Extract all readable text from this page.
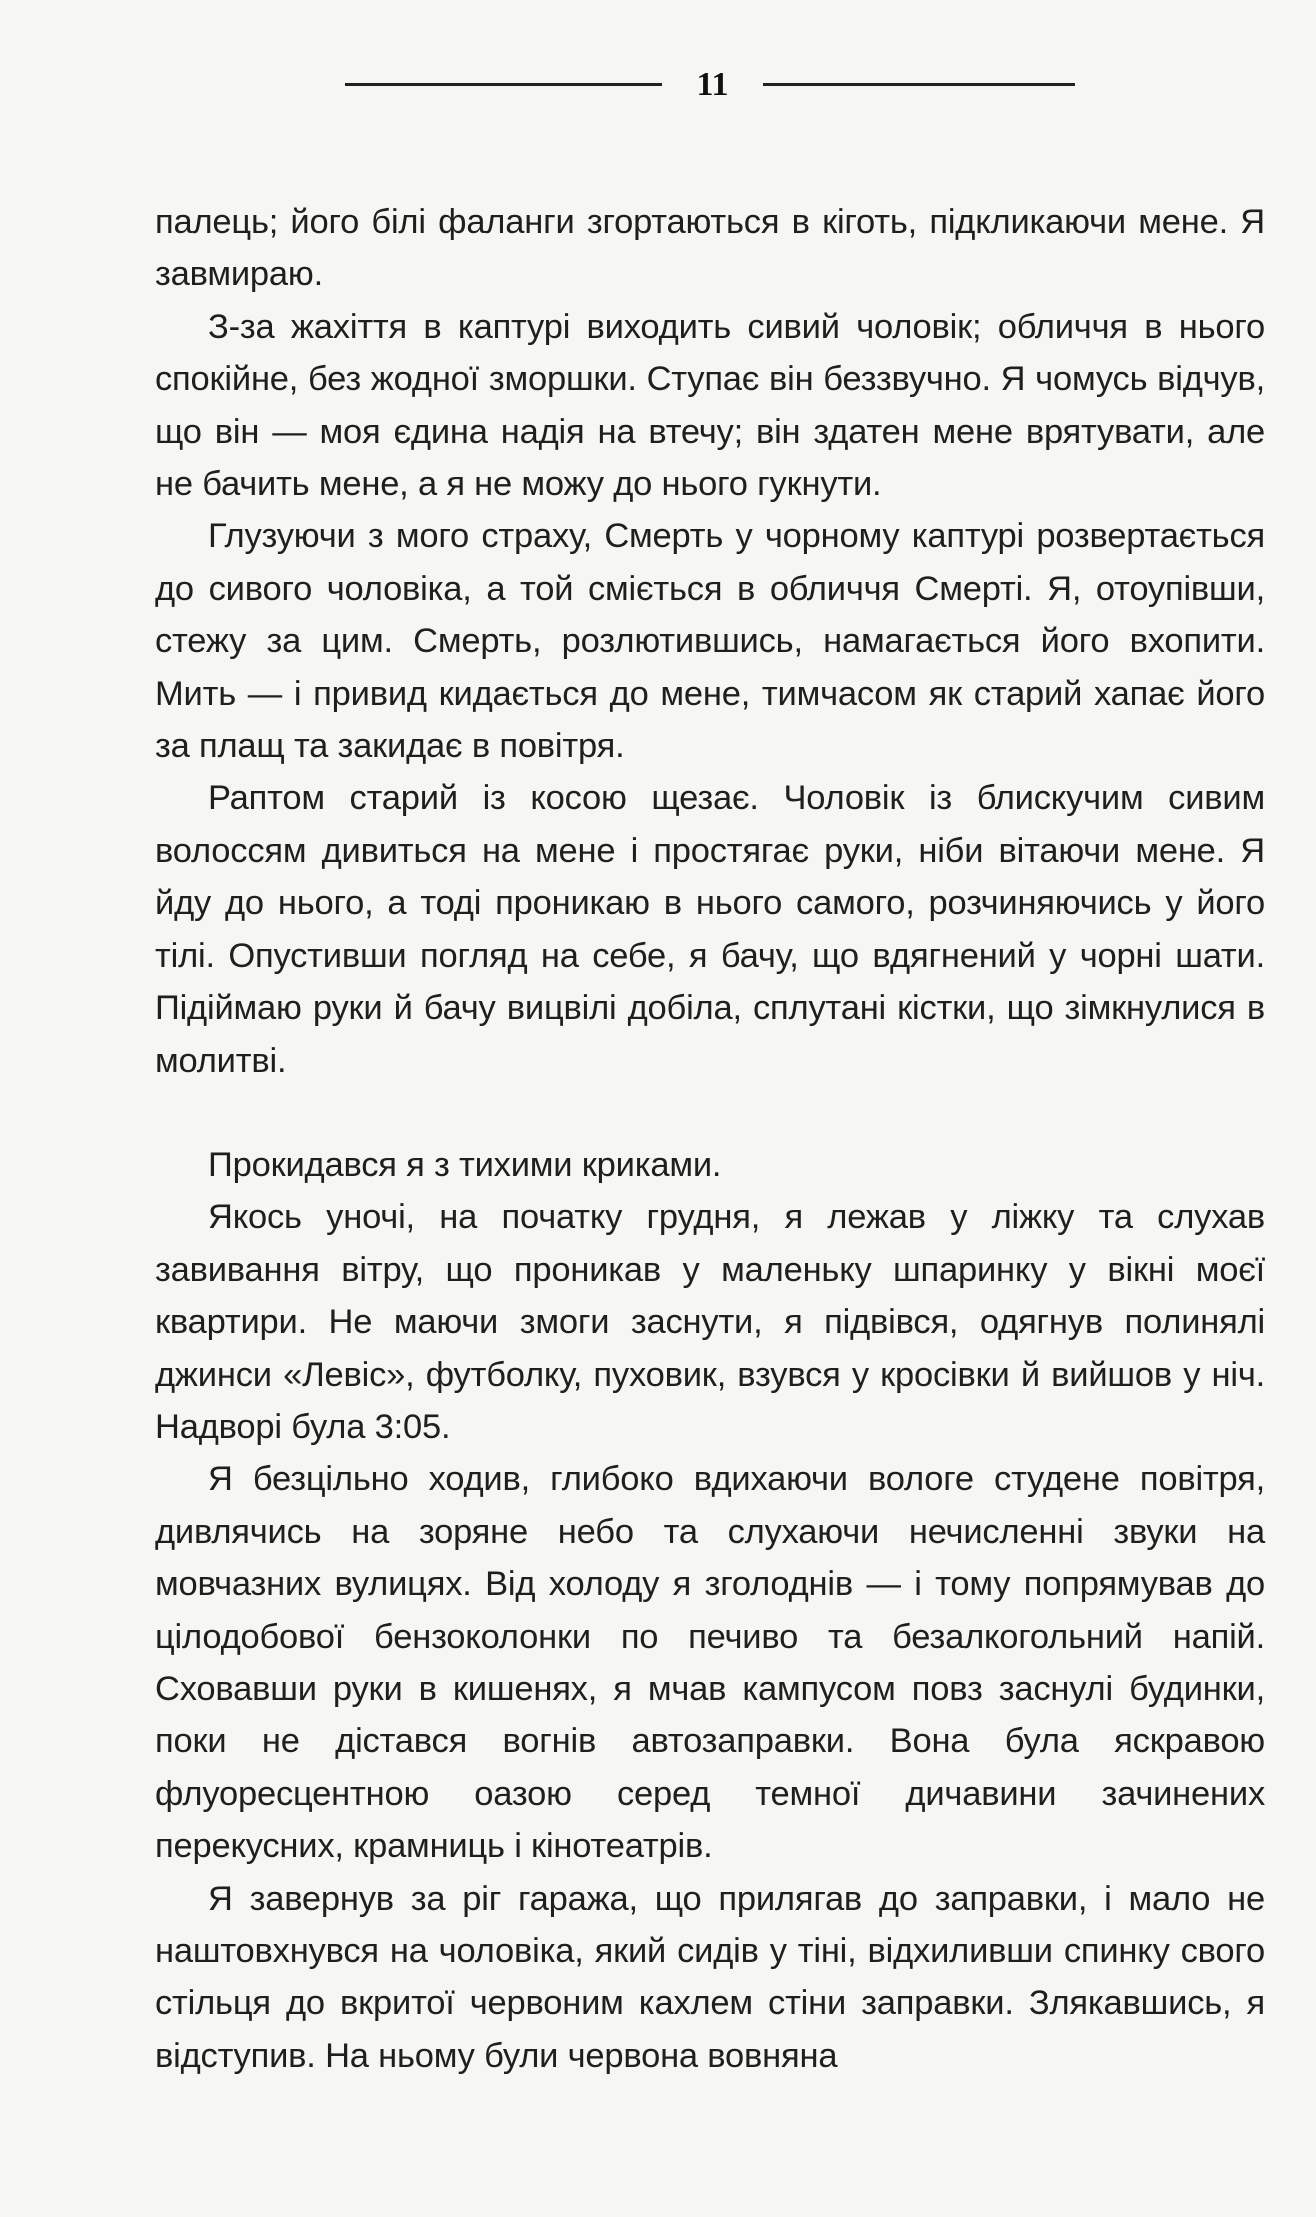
11

палець; його білі фаланги згортаються в кіготь, підкликаючи мене. Я завмираю.

З-за жахіття в каптурі виходить сивий чоловік; обличчя в нього спокійне, без жодної зморшки. Ступає він беззвучно. Я чомусь відчув, що він — моя єдина надія на втечу; він здатен мене врятувати, але не бачить мене, а я не можу до нього гукнути.

Глузуючи з мого страху, Смерть у чорному каптурі розвертається до сивого чоловіка, а той сміється в обличчя Смерті. Я, отоупівши, стежу за цим. Смерть, розлютившись, намагається його вхопити. Мить — і привид кидається до мене, тимчасом як старий хапає його за плащ та закидає в повітря.

Раптом старий із косою щезає. Чоловік із блискучим сивим волоссям дивиться на мене і простягає руки, ніби вітаючи мене. Я йду до нього, а тоді проникаю в нього самого, розчиняючись у його тілі. Опустивши погляд на себе, я бачу, що вдягнений у чорні шати. Підіймаю руки й бачу вицвілі добіла, сплутані кістки, що зімкнулися в молитві.

Прокидався я з тихими криками.

Якось уночі, на початку грудня, я лежав у ліжку та слухав завивання вітру, що проникав у маленьку шпаринку у вікні моєї квартири. Не маючи змоги заснути, я підвівся, одягнув полинялі джинси «Левіс», футболку, пуховик, взувся у кросівки й вийшов у ніч. Надворі була 3:05.

Я безцільно ходив, глибоко вдихаючи вологе студене повітря, дивлячись на зоряне небо та слухаючи нечисленні звуки на мовчазних вулицях. Від холоду я зголоднів — і тому попрямував до цілодобової бензоколонки по печиво та безалкогольний напій. Сховавши руки в кишенях, я мчав кампусом повз заснулі будинки, поки не дістався вогнів автозаправки. Вона була яскравою флуоресцентною оазою серед темної дичавини зачинених перекусних, крамниць і кінотеатрів.

Я завернув за ріг гаража, що прилягав до заправки, і мало не наштовхнувся на чоловіка, який сидів у тіні, відхиливши спинку свого стільця до вкритої червоним кахлем стіни заправки. Злякавшись, я відступив. На ньому були червона вовняна
